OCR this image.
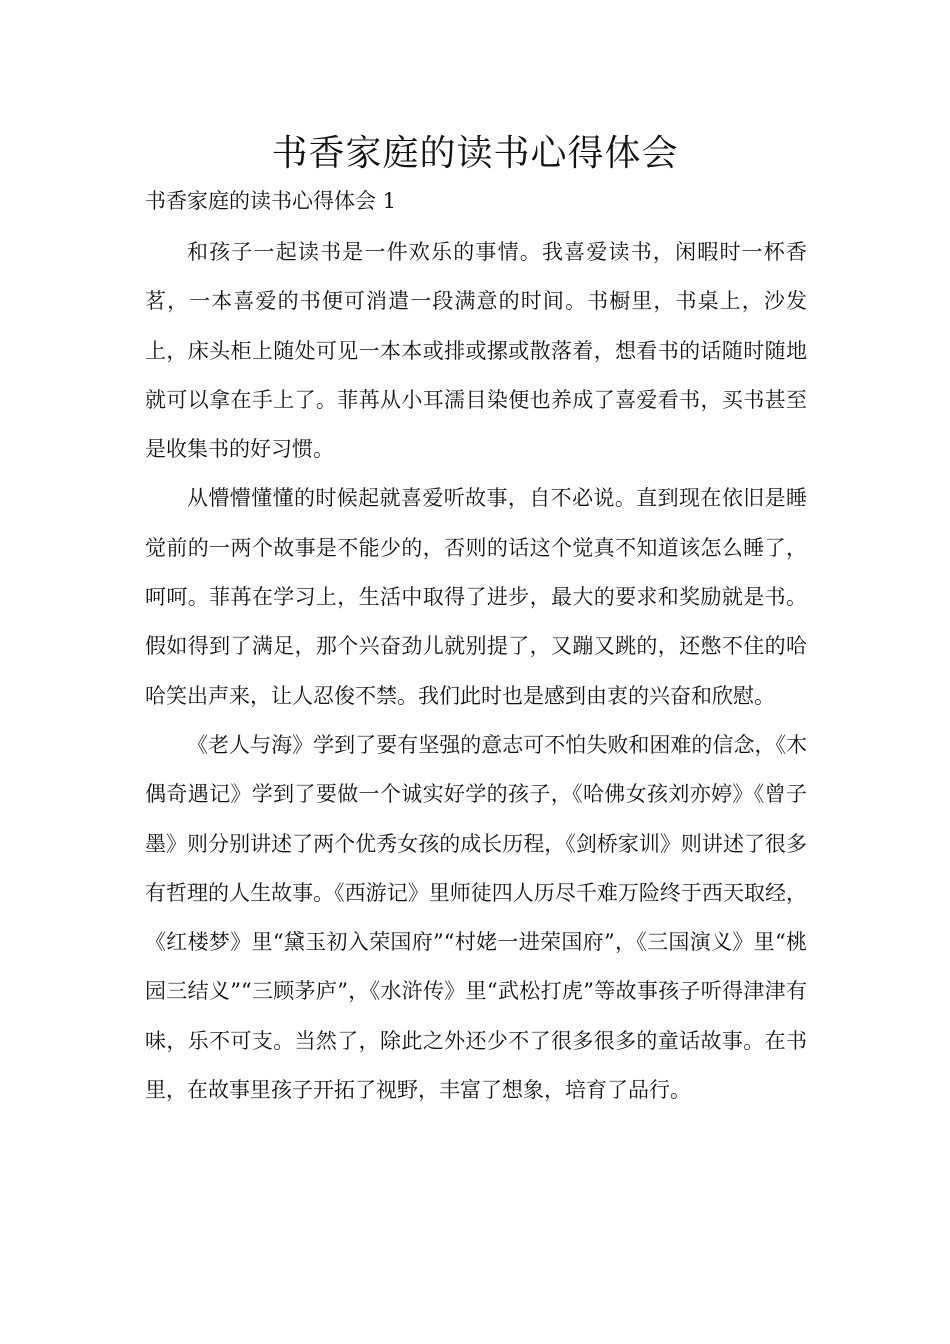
书香家庭的读书心得体会
书香家庭的读书心得体会 1

和孩子一起读书是一件欢乐的事情。我喜爱读书，闲暇时一杯香茗，一本喜爱的书便可消遣一段满意的时间。书橱里，书桌上，沙发上，床头柜上随处可见一本本或排或摞或散落着，想看书的话随时随地就可以拿在手上了。菲苒从小耳濡目染便也养成了喜爱看书，买书甚至是收集书的好习惯。

从懵懵懂懂的时候起就喜爱听故事，自不必说。直到现在依旧是睡觉前的一两个故事是不能少的，否则的话这个觉真不知道该怎么睡了，呵呵。菲苒在学习上，生活中取得了进步，最大的要求和奖励就是书。假如得到了满足，那个兴奋劲儿就别提了，又蹦又跳的，还憋不住的哈哈笑出声来，让人忍俊不禁。我们此时也是感到由衷的兴奋和欣慰。

《老人与海》学到了要有坚强的意志可不怕失败和困难的信念，《木偶奇遇记》学到了要做一个诚实好学的孩子，《哈佛女孩刘亦婷》《曾子墨》则分别讲述了两个优秀女孩的成长历程，《剑桥家训》则讲述了很多有哲理的人生故事。《西游记》里师徒四人历尽千难万险终于西天取经，《红楼梦》里“黛玉初入荣国府”“村姥一进荣国府”，《三国演义》里“桃园三结义”“三顾茅庐”，《水浒传》里“武松打虎”等故事孩子听得津津有味，乐不可支。当然了，除此之外还少不了很多很多的童话故事。在书里，在故事里孩子开拓了视野，丰富了想象，培育了品行。
